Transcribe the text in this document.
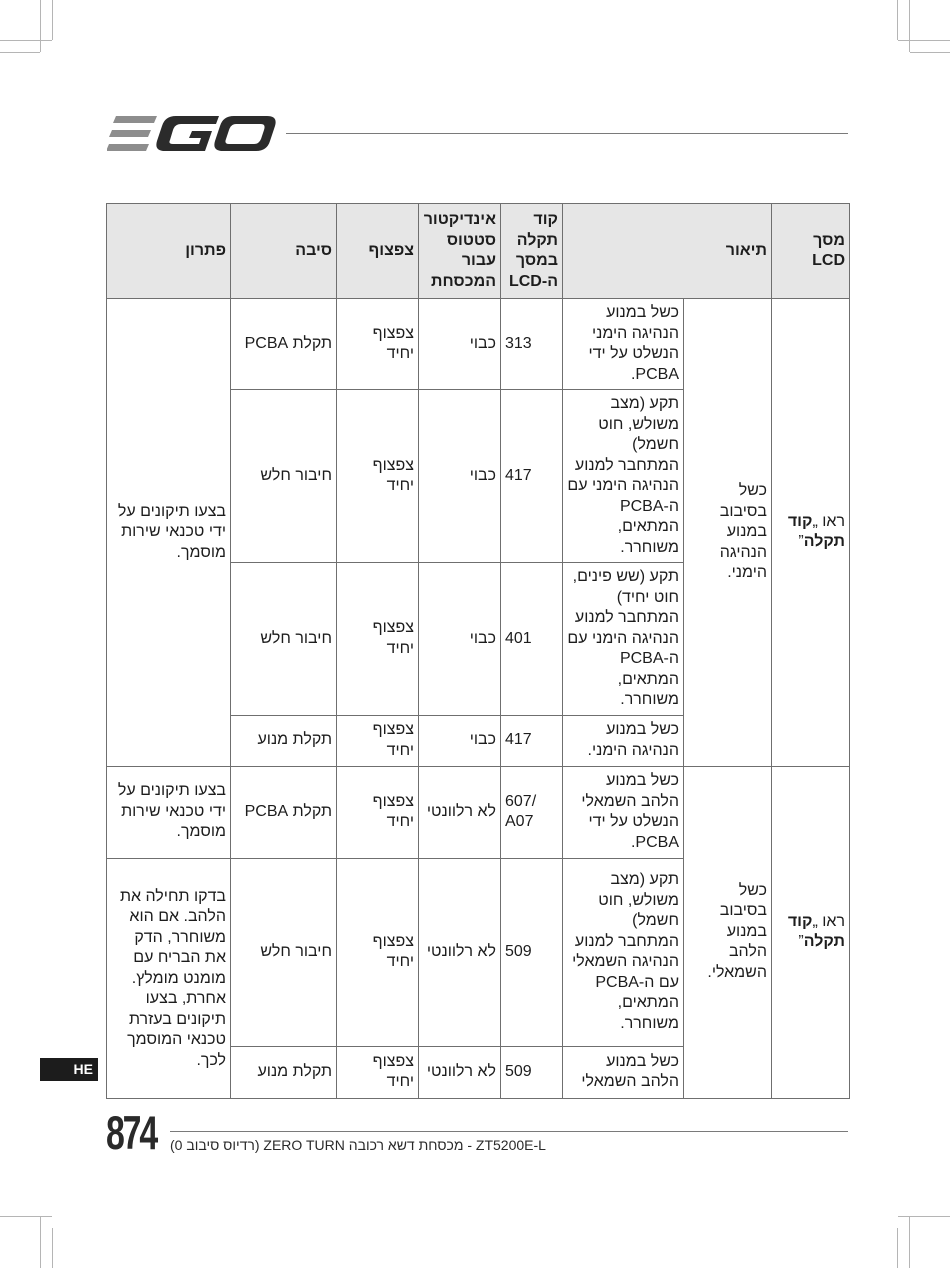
מסך LCD	תיאור		קוד תקלה במסך ה-LCD	אינדיקטור סטטוס עבור המכסחת	צפצוף	סיבה	פתרון
ראו „קוד תקלה”	כשל בסיבוב במנוע הנהיגה הימני.	כשל במנוע הנהיגה הימני הנשלט על ידי PCBA.	313	כבוי	צפצוף יחיד	תקלת PCBA	בצעו תיקונים על ידי טכנאי שירות מוסמך.
		תקע (מצב משולש, חוט חשמל) המתחבר למנוע הנהיגה הימני עם ה-PCBA המתאים, משוחרר.	417	כבוי	צפצוף יחיד	חיבור חלש	
		תקע (שש פינים, חוט יחיד) המתחבר למנוע הנהיגה הימני עם ה-PCBA המתאים, משוחרר.	401	כבוי	צפצוף יחיד	חיבור חלש	
		כשל במנוע הנהיגה הימני.	417	כבוי	צפצוף יחיד	תקלת מנוע	
ראו „קוד תקלה”	כשל בסיבוב במנוע הלהב השמאלי.	כשל במנוע הלהב השמאלי הנשלט על ידי PCBA.	/607 A07	לא רלוונטי	צפצוף יחיד	תקלת PCBA	בצעו תיקונים על ידי טכנאי שירות מוסמך.
		תקע (מצב משולש, חוט חשמל) המתחבר למנוע הנהיגה השמאלי עם ה-PCBA המתאים, משוחרר.	509	לא רלוונטי	צפצוף יחיד	חיבור חלש	בדקו תחילה את הלהב. אם הוא משוחרר, הדק את הבריח עם מומנט מומלץ. אחרת, בצעו תיקונים בעזרת טכנאי המוסמך לכך.
		כשל במנוע הלהב השמאלי	509	לא רלוונטי	צפצוף יחיד	תקלת מנוע	
HE
874 ZT5200E-L - מכסחת דשא רכובה ZERO TURN (רדיוס סיבוב 0)
